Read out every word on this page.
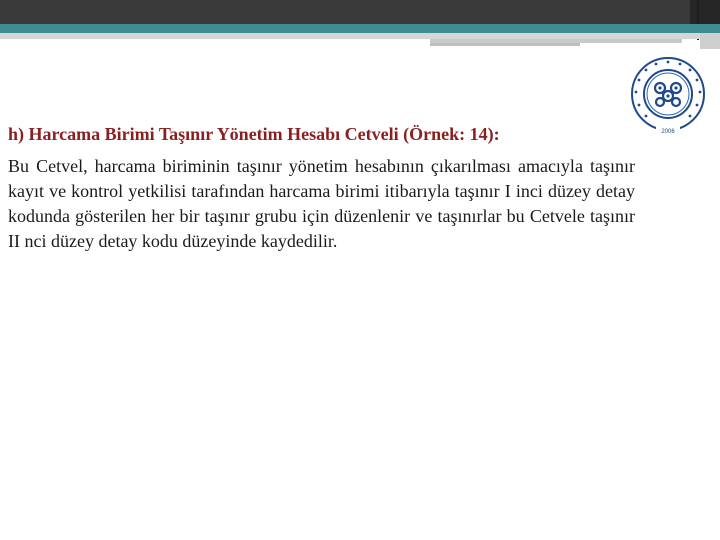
2006
h) Harcama Birimi Taşınır Yönetim Hesabı Cetveli (Örnek: 14):
Bu Cetvel, harcama biriminin taşınır yönetim hesabının çıkarılması amacıyla taşınır kayıt ve kontrol yetkilisi tarafından harcama birimi itibarıyla taşınır I inci düzey detay kodunda gösterilen her bir taşınır grubu için düzenlenir ve taşınırlar bu Cetvele taşınır II nci düzey detay kodu düzeyinde kaydedilir.
